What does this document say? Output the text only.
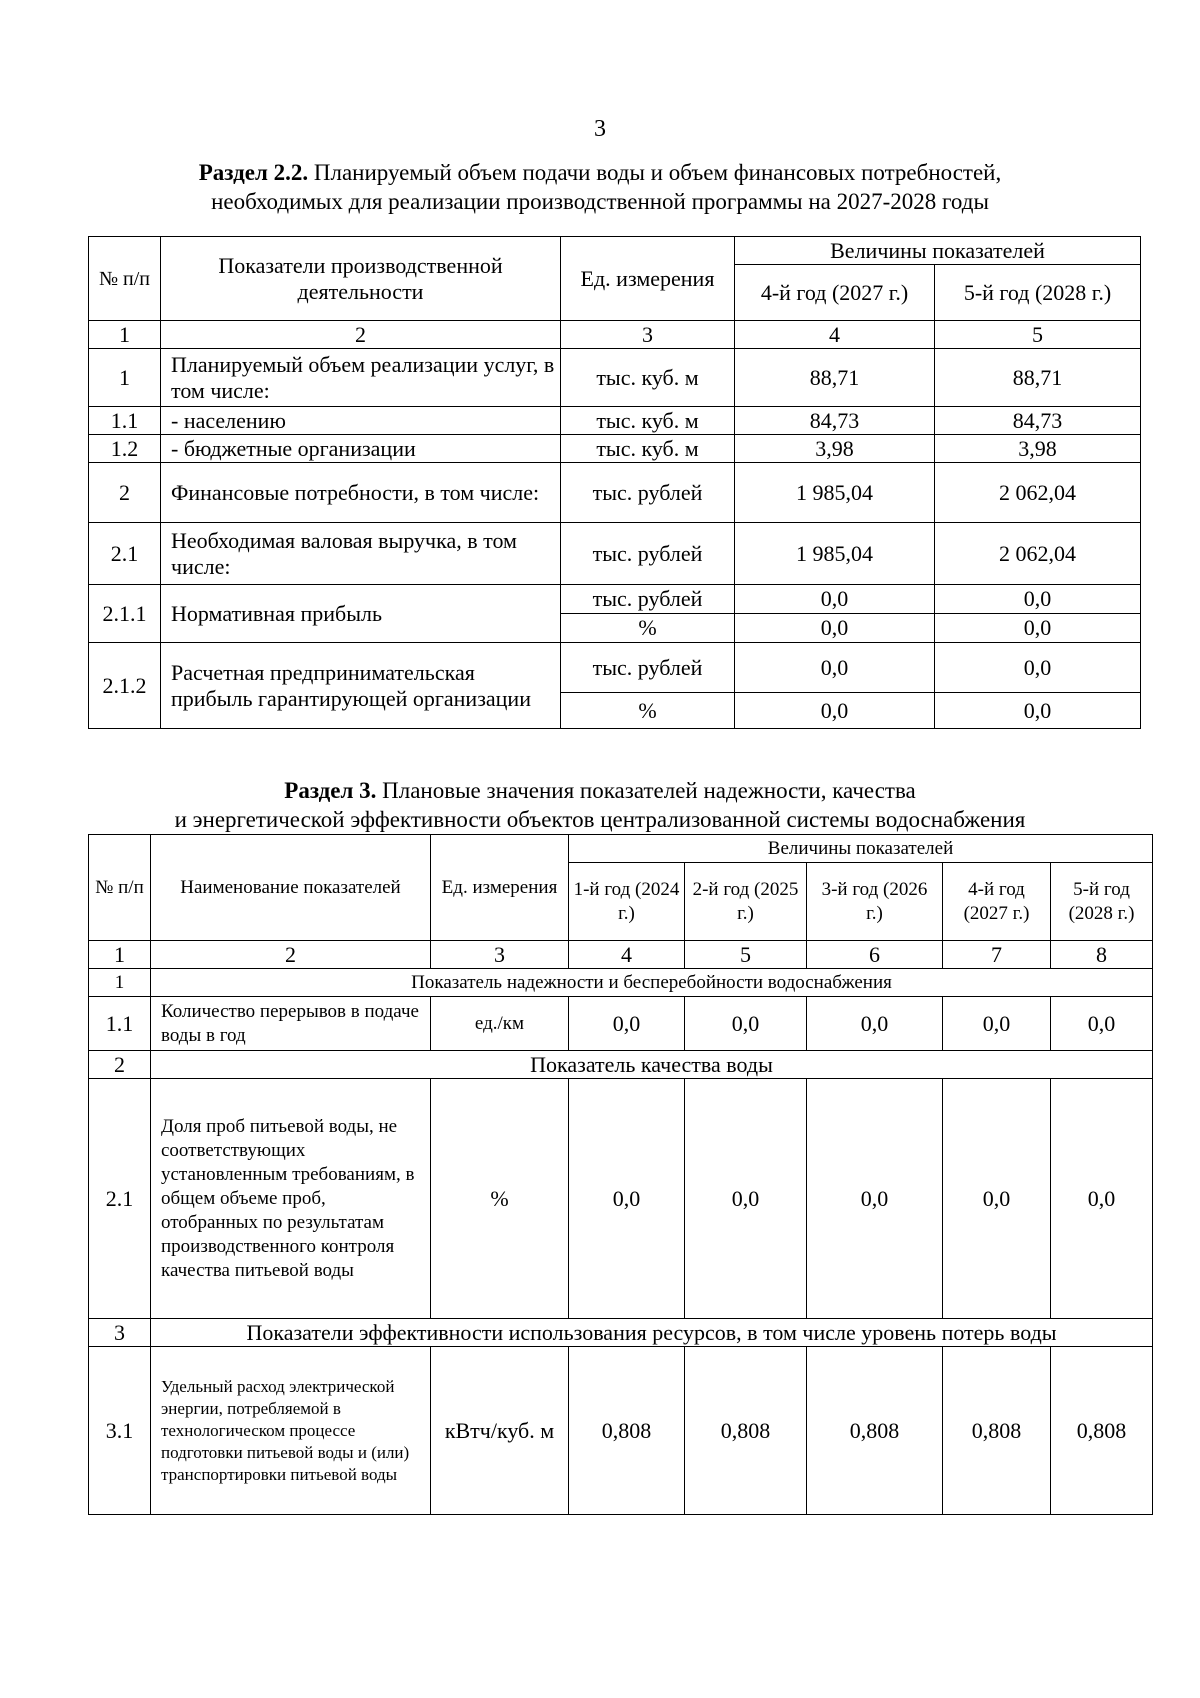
3
Раздел 2.2. Планируемый объем подачи воды и объем финансовых потребностей,
необходимых для реализации производственной программы на 2027-2028 годы
№ п/п	Показатели производственной деятельности	Ед. измерения	Величины показателей	
			4-й год (2027 г.)	5-й год (2028 г.)
1	2	3	4	5
1	Планируемый объем реализации услуг, в том числе:	тыс. куб. м	88,71	88,71
1.1	- населению	тыс. куб. м	84,73	84,73
1.2	- бюджетные организации	тыс. куб. м	3,98	3,98
2	Финансовые потребности, в том числе:	тыс. рублей	1 985,04	2 062,04
2.1	Необходимая валовая выручка, в том числе:	тыс. рублей	1 985,04	2 062,04
2.1.1	Нормативная прибыль	тыс. рублей	0,0	0,0
		%	0,0	0,0
2.1.2	Расчетная предпринимательская прибыль гарантирующей организации	тыс. рублей	0,0	0,0
		%	0,0	0,0
Раздел 3. Плановые значения показателей надежности, качества
и энергетической эффективности объектов централизованной системы водоснабжения
№ п/п	Наименование показателей	Ед. измерения	Величины показателей				
			1-й год (2024 г.)	2-й год (2025 г.)	3-й год (2026 г.)	4-й год (2027 г.)	5-й год (2028 г.)
1	2	3	4	5	6	7	8
1	Показатель надежности и бесперебойности водоснабжения						
1.1	Количество перерывов в подаче воды в год	ед./км	0,0	0,0	0,0	0,0	0,0
2	Показатель качества воды						
2.1	Доля проб питьевой воды, не соответствующих установленным требованиям, в общем объеме проб, отобранных по результатам производственного контроля качества питьевой воды	%	0,0	0,0	0,0	0,0	0,0
3	Показатели эффективности использования ресурсов, в том числе уровень потерь воды						
3.1	Удельный расход электрической энергии, потребляемой в технологическом процессе подготовки питьевой воды и (или) транспортировки питьевой воды	кВтч/куб. м	0,808	0,808	0,808	0,808	0,808
